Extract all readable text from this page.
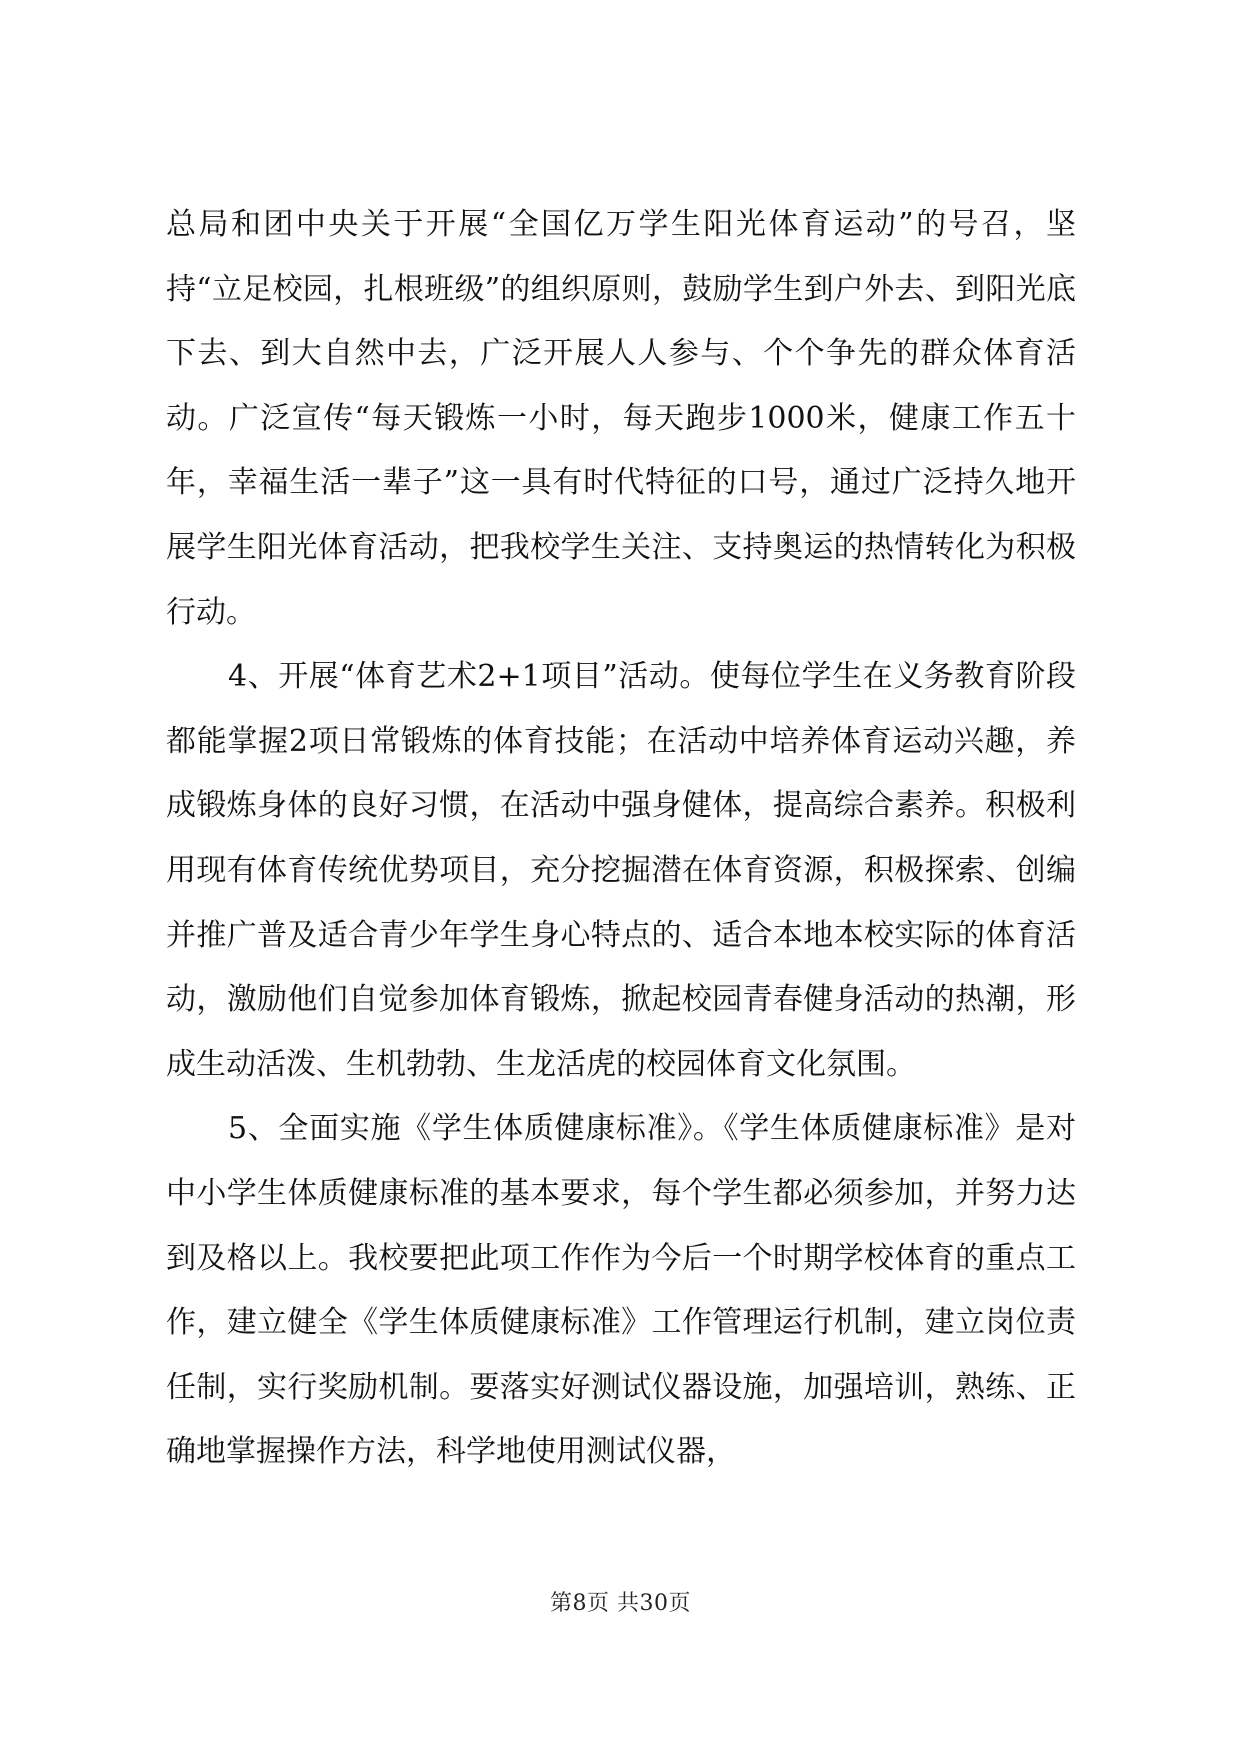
总局和团中央关于开展“全国亿万学生阳光体育运动”的号召，坚持“立足校园，扎根班级”的组织原则，鼓励学生到户外去、到阳光底下去、到大自然中去，广泛开展人人参与、个个争先的群众体育活动。广泛宣传“每天锻炼一小时，每天跑步1000米，健康工作五十年，幸福生活一辈子”这一具有时代特征的口号，通过广泛持久地开展学生阳光体育活动，把我校学生关注、支持奥运的热情转化为积极行动。

4、开展“体育艺术2+1项目”活动。使每位学生在义务教育阶段都能掌握2项日常锻炼的体育技能；在活动中培养体育运动兴趣，养成锻炼身体的良好习惯，在活动中强身健体，提高综合素养。积极利用现有体育传统优势项目，充分挖掘潜在体育资源，积极探索、创编并推广普及适合青少年学生身心特点的、适合本地本校实际的体育活动，激励他们自觉参加体育锻炼，掀起校园青春健身活动的热潮，形成生动活泼、生机勃勃、生龙活虎的校园体育文化氛围。

5、全面实施《学生体质健康标准》。《学生体质健康标准》是对中小学生体质健康标准的基本要求，每个学生都必须参加，并努力达到及格以上。我校要把此项工作作为今后一个时期学校体育的重点工作，建立健全《学生体质健康标准》工作管理运行机制，建立岗位责任制，实行奖励机制。要落实好测试仪器设施，加强培训，熟练、正确地掌握操作方法，科学地使用测试仪器，

第8页 共30页
